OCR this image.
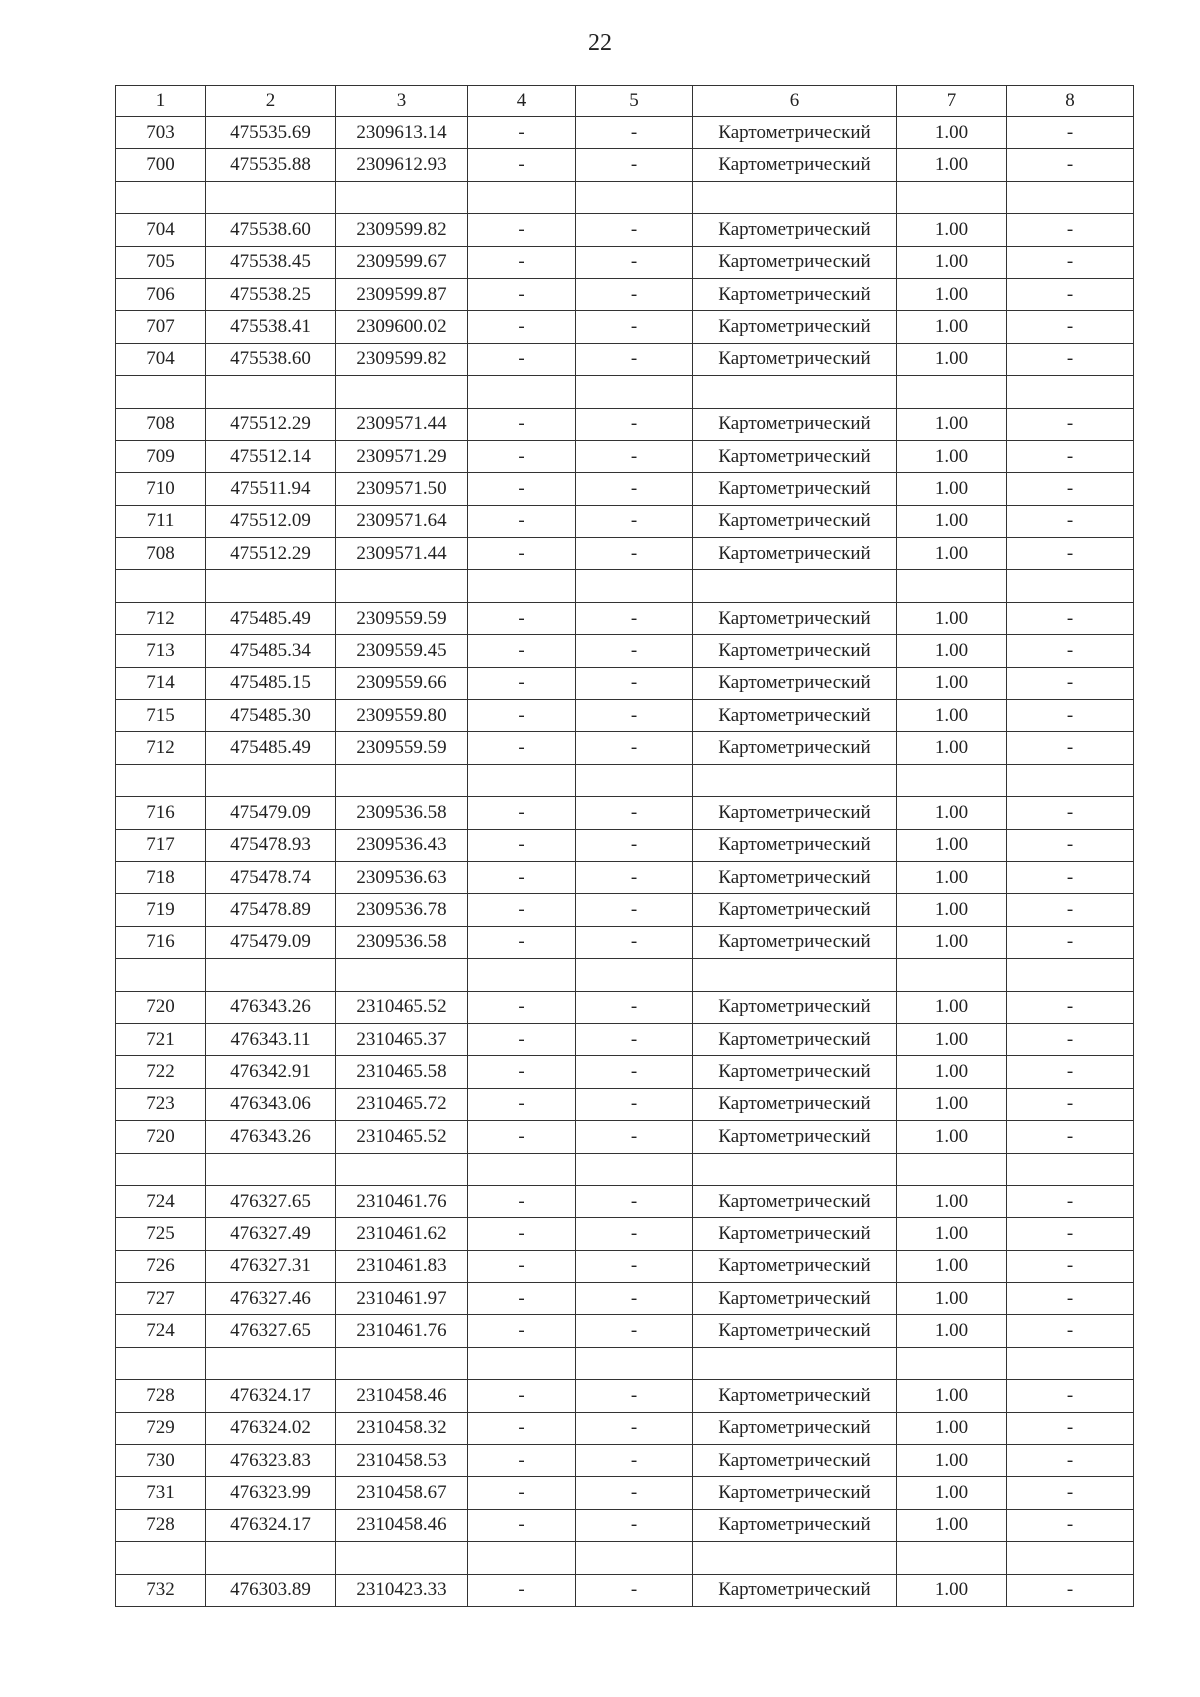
22
1	2	3	4	5	6	7	8
703	475535.69	2309613.14	-	-	Картометрический	1.00	-
700	475535.88	2309612.93	-	-	Картометрический	1.00	-

704	475538.60	2309599.82	-	-	Картометрический	1.00	-
705	475538.45	2309599.67	-	-	Картометрический	1.00	-
706	475538.25	2309599.87	-	-	Картометрический	1.00	-
707	475538.41	2309600.02	-	-	Картометрический	1.00	-
704	475538.60	2309599.82	-	-	Картометрический	1.00	-

708	475512.29	2309571.44	-	-	Картометрический	1.00	-
709	475512.14	2309571.29	-	-	Картометрический	1.00	-
710	475511.94	2309571.50	-	-	Картометрический	1.00	-
711	475512.09	2309571.64	-	-	Картометрический	1.00	-
708	475512.29	2309571.44	-	-	Картометрический	1.00	-

712	475485.49	2309559.59	-	-	Картометрический	1.00	-
713	475485.34	2309559.45	-	-	Картометрический	1.00	-
714	475485.15	2309559.66	-	-	Картометрический	1.00	-
715	475485.30	2309559.80	-	-	Картометрический	1.00	-
712	475485.49	2309559.59	-	-	Картометрический	1.00	-

716	475479.09	2309536.58	-	-	Картометрический	1.00	-
717	475478.93	2309536.43	-	-	Картометрический	1.00	-
718	475478.74	2309536.63	-	-	Картометрический	1.00	-
719	475478.89	2309536.78	-	-	Картометрический	1.00	-
716	475479.09	2309536.58	-	-	Картометрический	1.00	-

720	476343.26	2310465.52	-	-	Картометрический	1.00	-
721	476343.11	2310465.37	-	-	Картометрический	1.00	-
722	476342.91	2310465.58	-	-	Картометрический	1.00	-
723	476343.06	2310465.72	-	-	Картометрический	1.00	-
720	476343.26	2310465.52	-	-	Картометрический	1.00	-

724	476327.65	2310461.76	-	-	Картометрический	1.00	-
725	476327.49	2310461.62	-	-	Картометрический	1.00	-
726	476327.31	2310461.83	-	-	Картометрический	1.00	-
727	476327.46	2310461.97	-	-	Картометрический	1.00	-
724	476327.65	2310461.76	-	-	Картометрический	1.00	-

728	476324.17	2310458.46	-	-	Картометрический	1.00	-
729	476324.02	2310458.32	-	-	Картометрический	1.00	-
730	476323.83	2310458.53	-	-	Картометрический	1.00	-
731	476323.99	2310458.67	-	-	Картометрический	1.00	-
728	476324.17	2310458.46	-	-	Картометрический	1.00	-

732	476303.89	2310423.33	-	-	Картометрический	1.00	-
